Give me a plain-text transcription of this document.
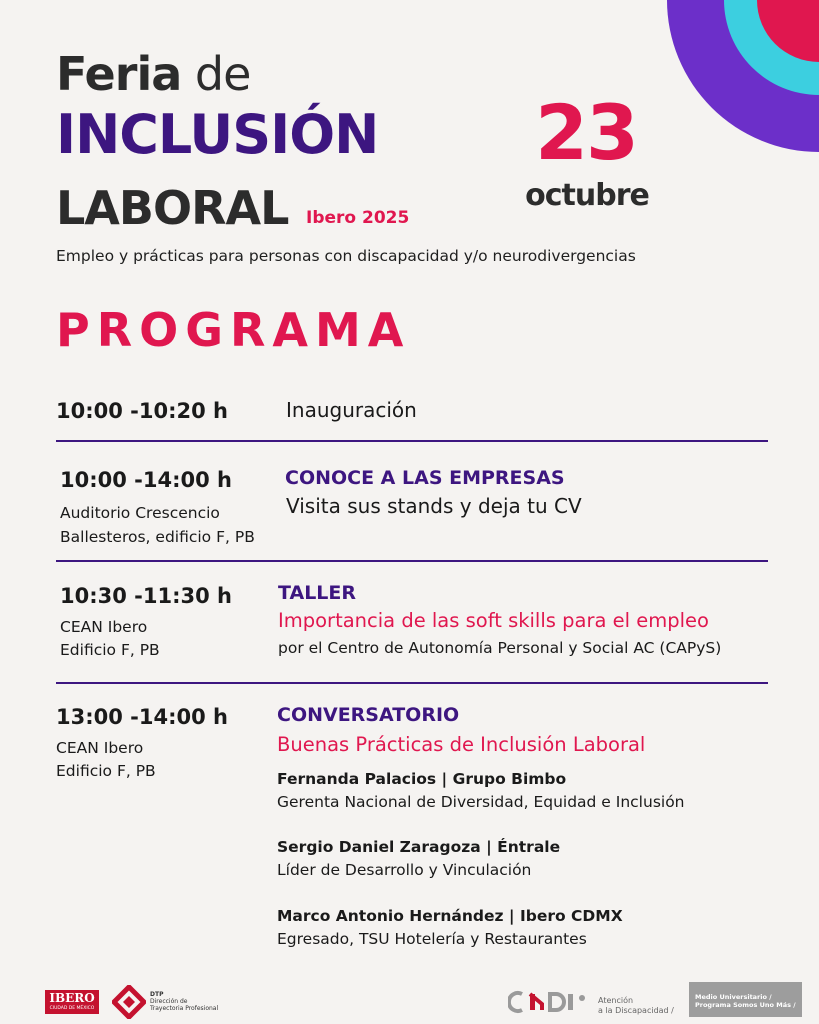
Feria de
INCLUSIÓN
LABORAL Ibero 2025
23
octubre
Empleo y prácticas para personas con discapacidad y/o neurodivergencias
PROGRAMA
10:00 -10:20 h	Inauguración
10:00 -14:00 h
Auditorio Crescencio
Ballesteros, edificio F, PB
CONOCE A LAS EMPRESAS
Visita sus stands y deja tu CV
10:30 -11:30 h
CEAN Ibero
Edificio F, PB
TALLER
Importancia de las soft skills para el empleo
por el Centro de Autonomía Personal y Social AC (CAPyS)
13:00 -14:00 h
CEAN Ibero
Edificio F, PB
CONVERSATORIO
Buenas Prácticas de Inclusión Laboral
Fernanda Palacios | Grupo Bimbo
Gerenta Nacional de Diversidad, Equidad e Inclusión
Sergio Daniel Zaragoza | Éntrale
Líder de Desarrollo y Vinculación
Marco Antonio Hernández | Ibero CDMX
Egresado, TSU Hotelería y Restaurantes
IBERO
CIUDAD DE MÉXICO
DTP
Dirección de
Trayectoria Profesional
Atención
a la Discapacidad /
Medio Universitario /
Programa Somos Uno Más /
